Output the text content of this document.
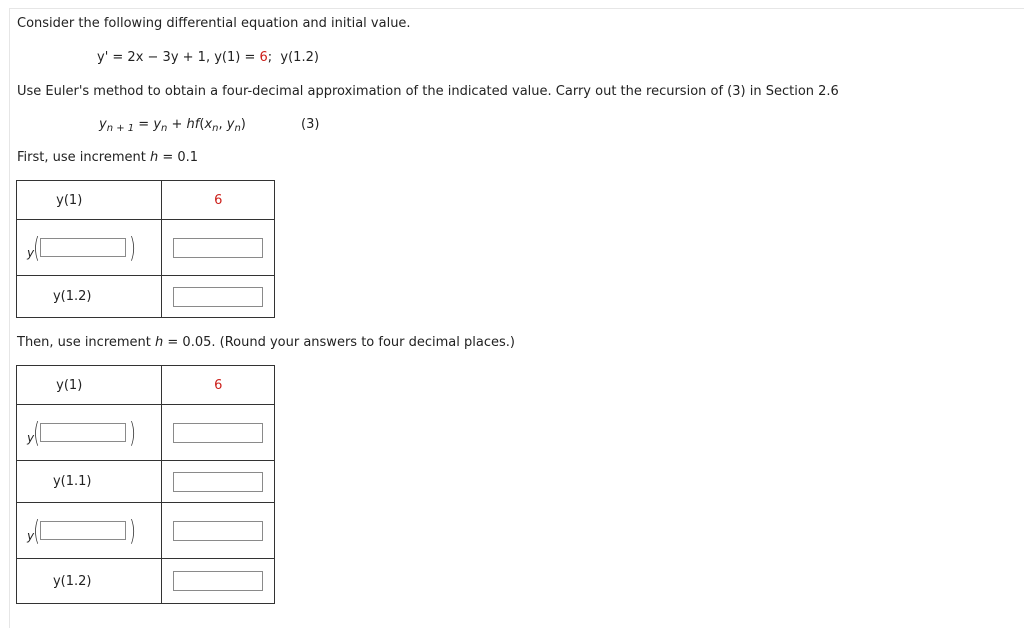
Consider the following differential equation and initial value.
y' = 2x − 3y + 1, y(1) = 6; y(1.2)
Use Euler's method to obtain a four-decimal approximation of the indicated value. Carry out the recursion of (3) in Section 2.6
$y_{n + 1} = y_n + hf(x_n$, $y_n$)	(3)
First, use increment h = 0.1
y(1)	6

y ( )	

y(1.2)	
Then, use increment h = 0.05. (Round your answers to four decimal places.)
y(1)	6

y ( )	

y(1.1)	

y ( )	

y(1.2)	
